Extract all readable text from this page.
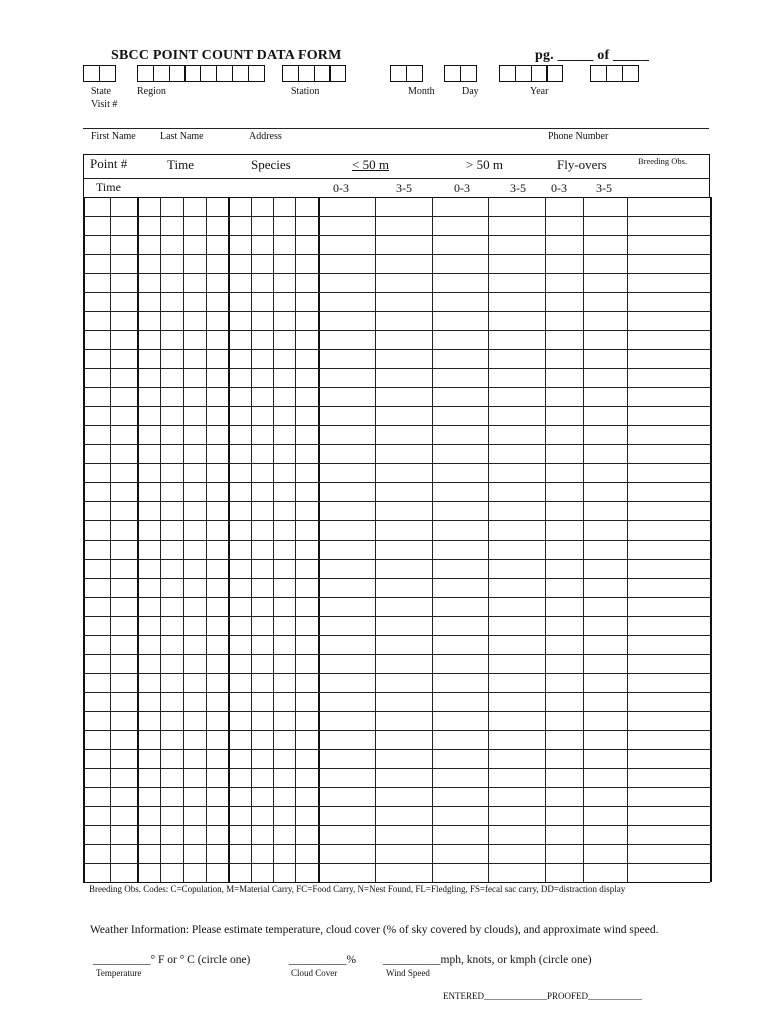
SBCC POINT COUNT DATA FORM	pg. _____ of _____
State	Region	Station	Month	Day	Year
Visit #
First Name Last Name	Address	Phone Number
Point #	Time	Species	< 50 m	> 50 m	Fly-overs	Breeding Obs.
Time	0-3	3-5	0-3	3-5 0-3 3-5
Breeding Obs. Codes: C=Copulation, M=Material Carry, FC=Food Carry, N=Nest Found, FL=Fledgling, FS=fecal sac carry, DD=distraction display
Weather Information: Please estimate temperature, cloud cover (% of sky covered by clouds), and approximate wind speed.
__________° F or ° C (circle one)	__________% __________mph, knots, or kmph (circle one)
Temperature	Cloud Cover	Wind Speed
ENTERED______________PROOFED____________
